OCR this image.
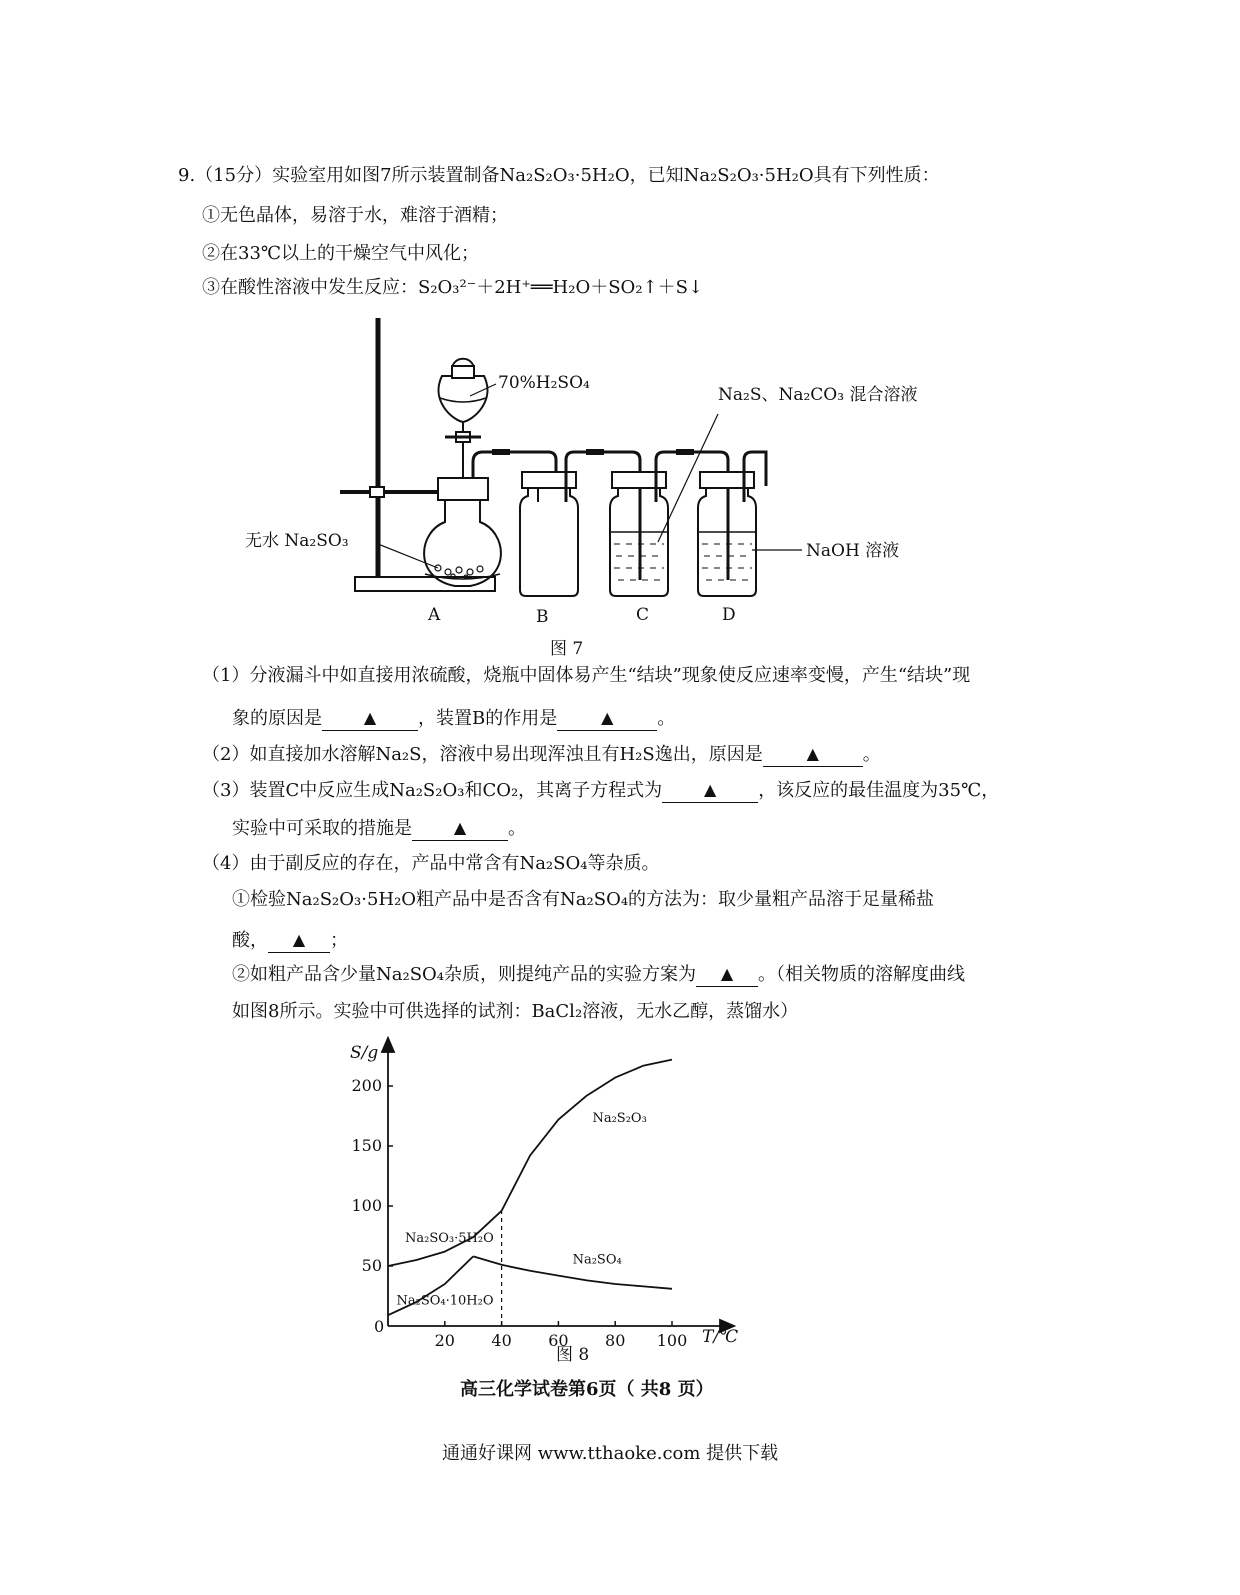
9.（15分）实验室用如图7所示装置制备Na₂S₂O₃·5H₂O，已知Na₂S₂O₃·5H₂O具有下列性质：
①无色晶体，易溶于水，难溶于酒精；
②在33℃以上的干燥空气中风化；
③在酸性溶液中发生反应：S₂O₃²⁻＋2H⁺══H₂O＋SO₂↑＋S↓
70%H₂SO₄
Na₂S、Na₂CO₃ 混合溶液
无水 Na₂SO₃	NaOH 溶液
A	B	C	D
图 7
（1）分液漏斗中如直接用浓硫酸，烧瓶中固体易产生“结块”现象使反应速率变慢，产生“结块”现
象的原因是	▲ ，装置B的作用是	▲ 。
（2）如直接加水溶解Na₂S，溶液中易出现浑浊且有H₂S逸出，原因是	▲ 。
（3）装置C中反应生成Na₂S₂O₃和CO₂，其离子方程式为	▲ ，该反应的最佳温度为35℃，
实验中可采取的措施是	▲ 。
（4）由于副反应的存在，产品中常含有Na₂SO₄等杂质。
①检验Na₂S₂O₃·5H₂O粗产品中是否含有Na₂SO₄的方法为：取少量粗产品溶于足量稀盐
酸， ▲ ；
②如粗产品含少量Na₂SO₄杂质，则提纯产品的实验方案为 ▲ 。（相关物质的溶解度曲线
如图8所示。实验中可供选择的试剂：BaCl₂溶液，无水乙醇，蒸馏水）
20 40 60 80 100
50
100
150
200
Na₂SO₃·5H₂O
Na₂S₂O₃
Na₂SO₄·10H₂O
Na₂SO₄
S/g
T/℃
0
图 8
高三化学试卷第6页（ 共8 页）
通通好课网 www.tthaoke.com 提供下载
